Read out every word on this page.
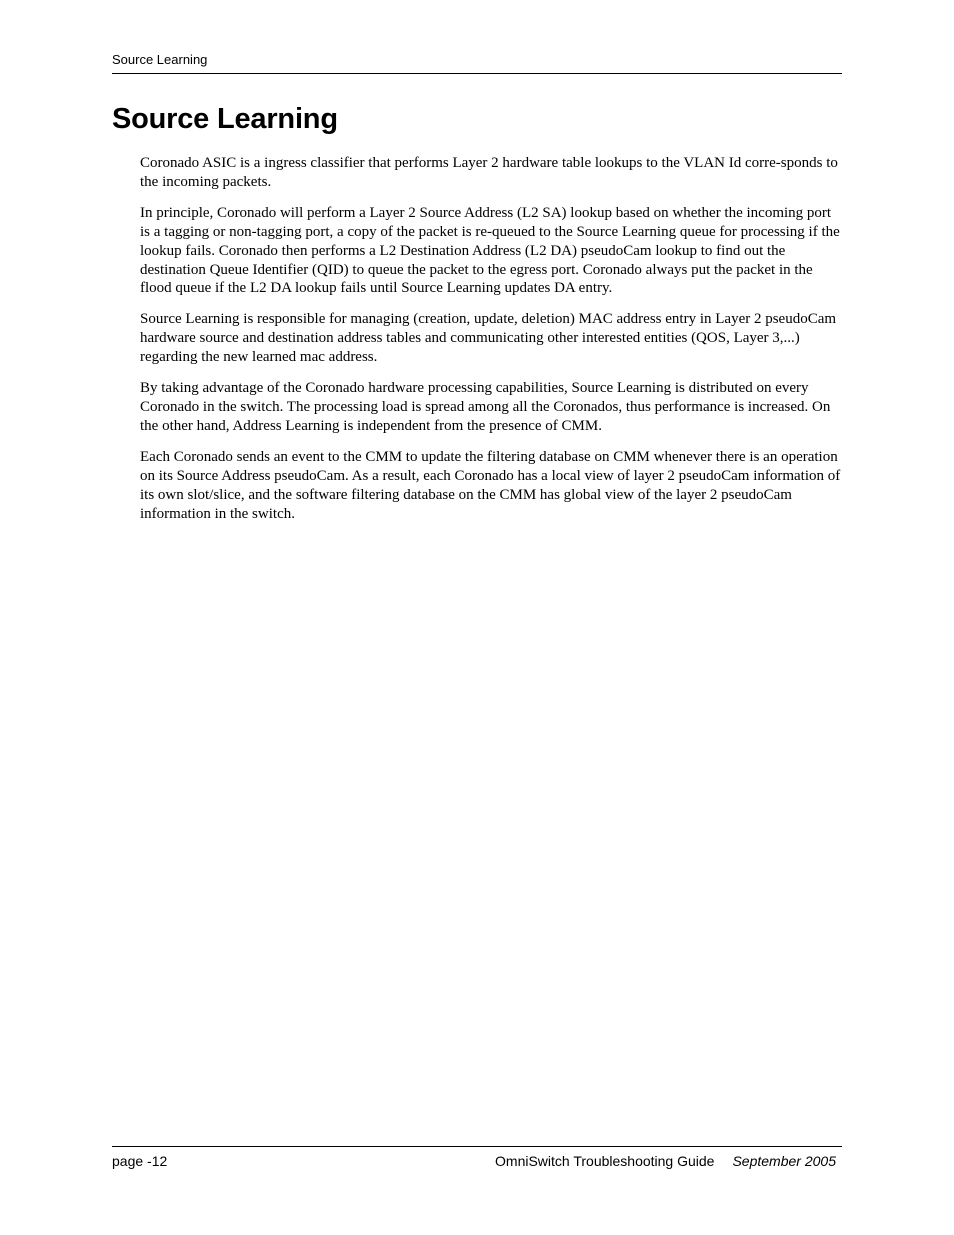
Source Learning
Source Learning

Coronado ASIC is a ingress classifier that performs Layer 2 hardware table lookups to the VLAN Id corre-sponds to the incoming packets.

In principle, Coronado will perform a Layer 2 Source Address (L2 SA) lookup based on whether the incoming port is a tagging or non-tagging port, a copy of the packet is re-queued to the Source Learning queue for processing if the lookup fails. Coronado then performs a L2 Destination Address (L2 DA) pseudoCam lookup to find out the destination Queue Identifier (QID) to queue the packet to the egress port. Coronado always put the packet in the flood queue if the L2 DA lookup fails until Source Learning updates DA entry.

Source Learning is responsible for managing (creation, update, deletion) MAC address entry in Layer 2 pseudoCam hardware source and destination address tables and communicating other interested entities (QOS, Layer 3,...) regarding the new learned mac address.

By taking advantage of the Coronado hardware processing capabilities, Source Learning is distributed on every Coronado in the switch. The processing load is spread among all the Coronados, thus performance is increased. On the other hand, Address Learning is independent from the presence of CMM.

Each Coronado sends an event to the CMM to update the filtering database on CMM whenever there is an operation on its Source Address pseudoCam. As a result, each Coronado has a local view of layer 2 pseudoCam information of its own slot/slice, and the software filtering database on the CMM has global view of the layer 2 pseudoCam information in the switch.

page -12	OmniSwitch Troubleshooting Guide September 2005
